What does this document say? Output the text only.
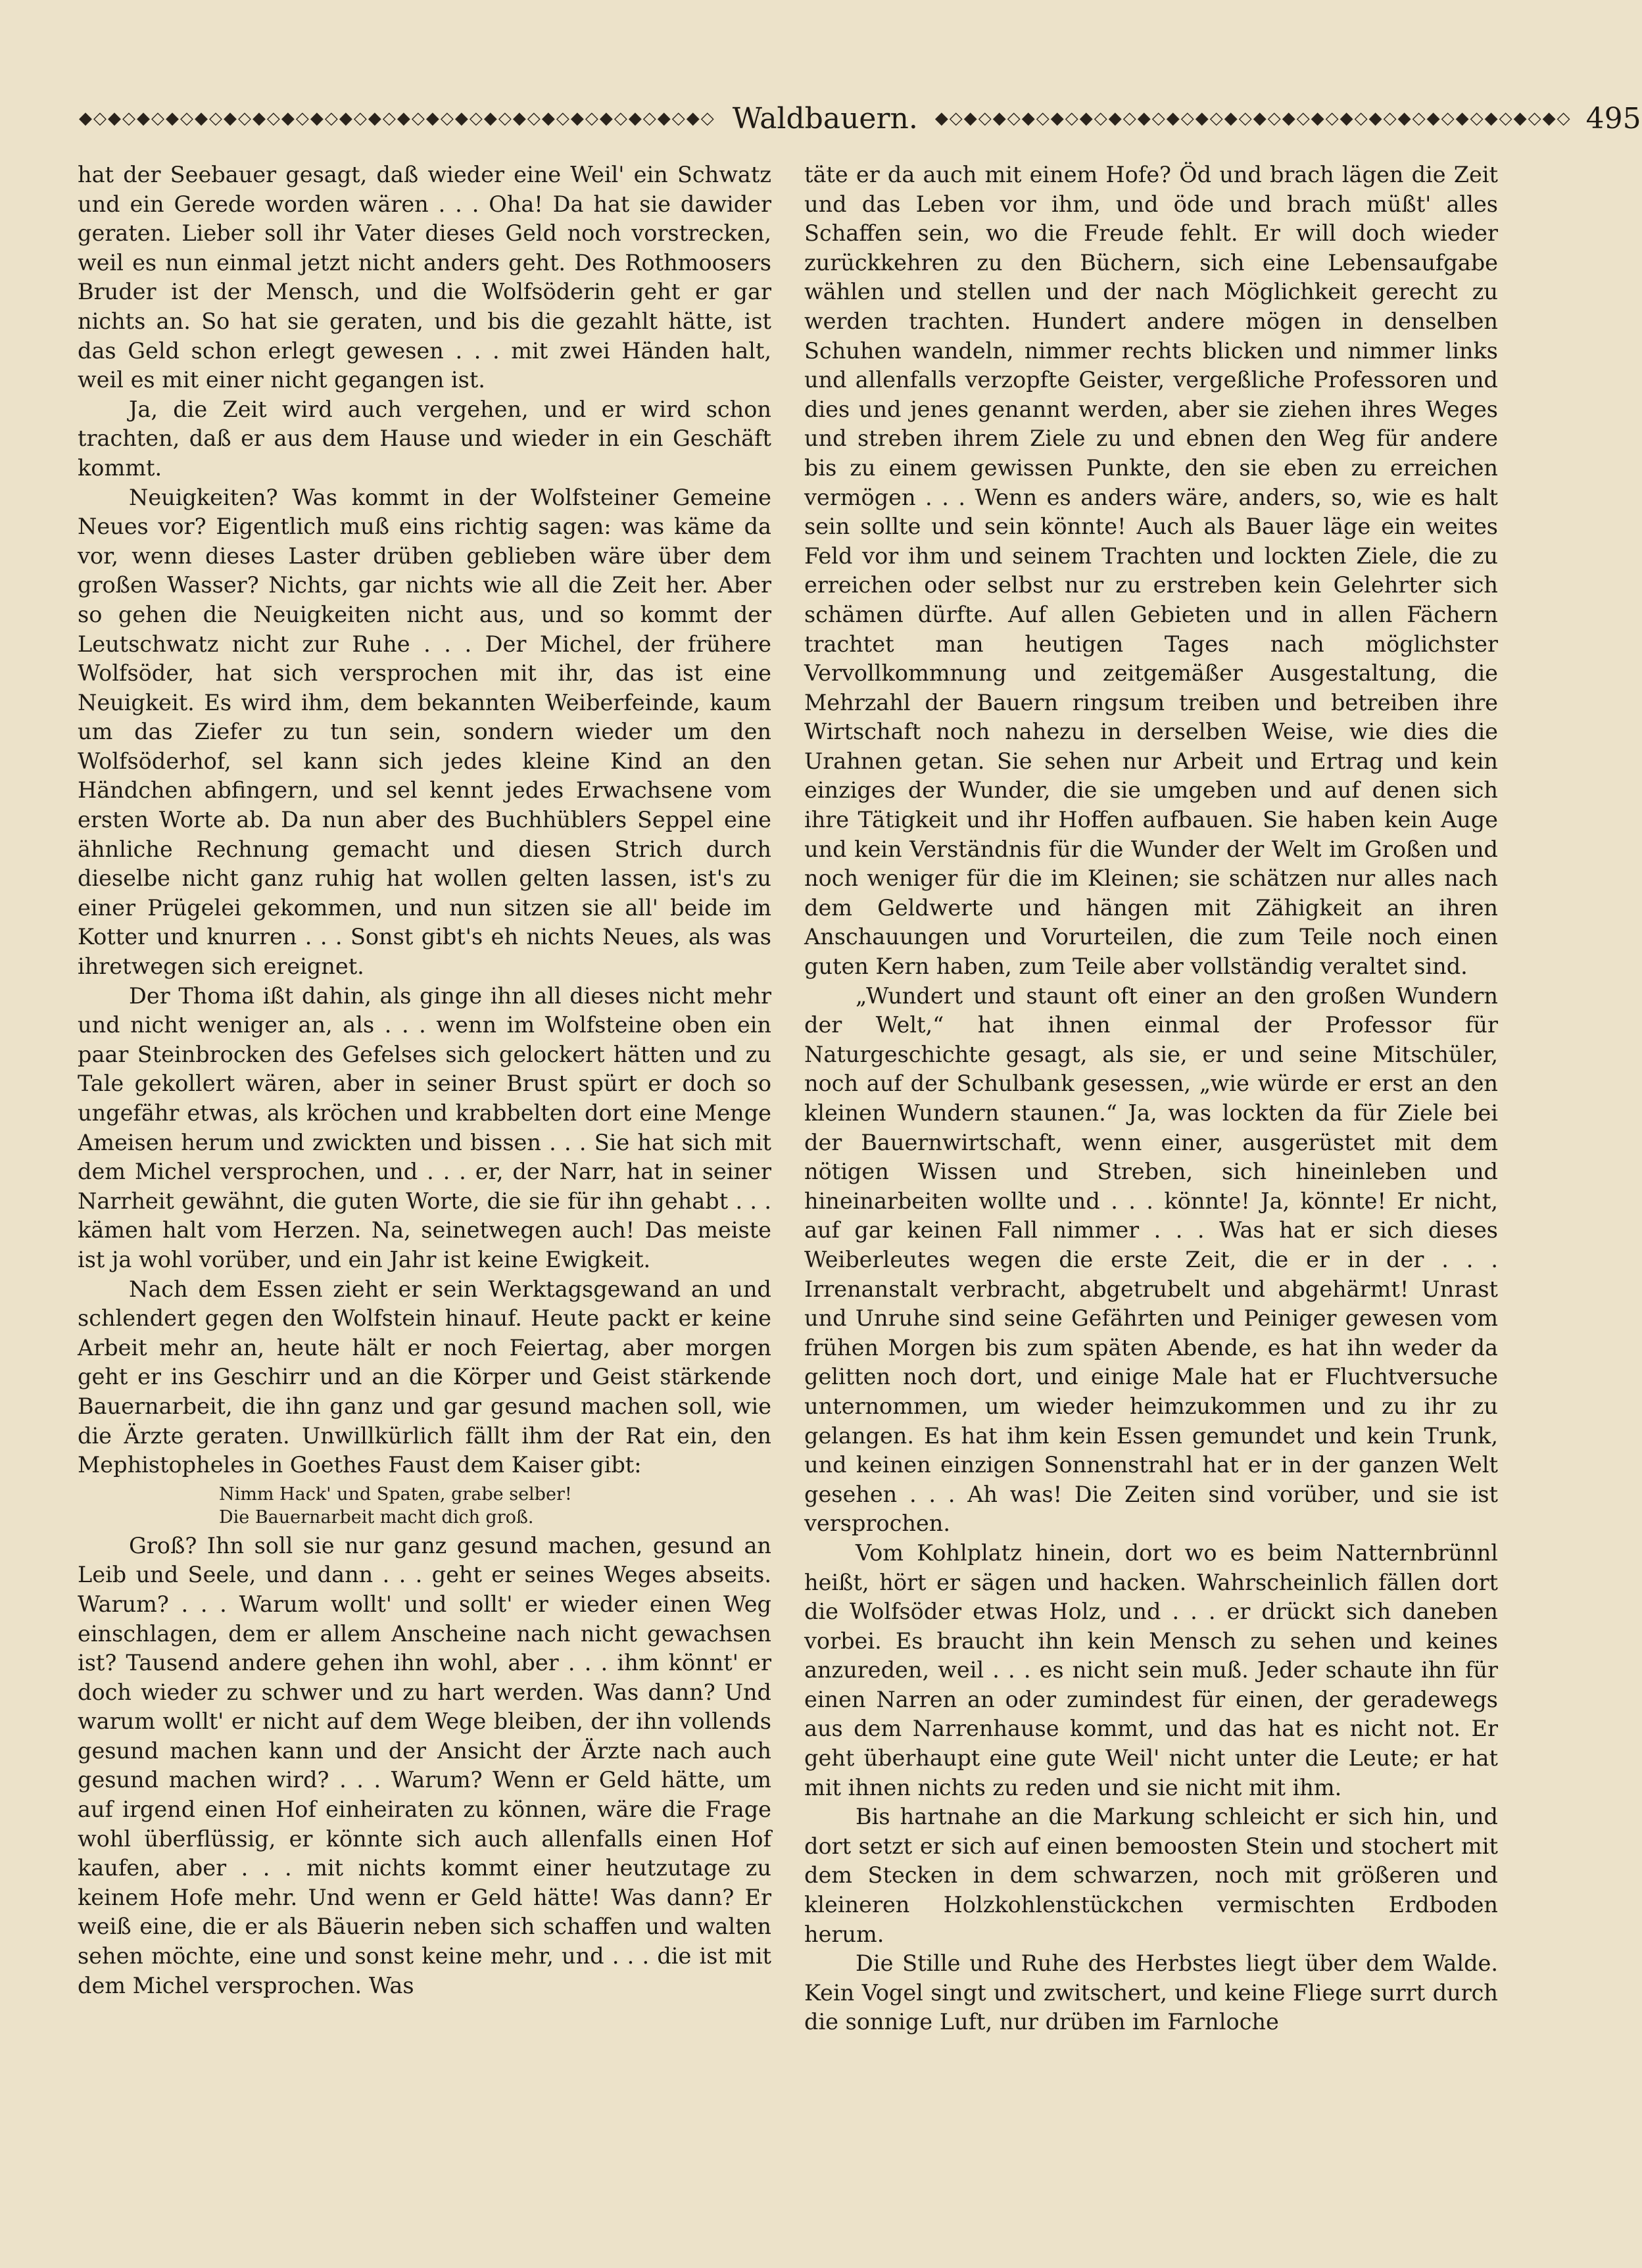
◆◇◆◇◆◇◆◇◆◇◆◇◆◇◆◇◆◇◆◇◆◇◆◇◆◇◆◇◆◇◆◇◆◇◆◇◆◇◆◇◆◇◆◇ Waldbauern.	◆◇◆◇◆◇◆◇◆◇◆◇◆◇◆◇◆◇◆◇◆◇◆◇◆◇◆◇◆◇◆◇◆◇◆◇◆◇◆◇◆◇◆◇ 495

hat der Seebauer gesagt, daß wieder eine Weil' ein Schwatz und ein Gerede worden wären . . . Oha! Da hat sie dawider geraten. Lieber soll ihr Vater dieses Geld noch vorstrecken, weil es nun einmal jetzt nicht anders geht. Des Rothmoosers Bruder ist der Mensch, und die Wolfsöderin geht er gar nichts an. So hat sie geraten, und bis die gezahlt hätte, ist das Geld schon erlegt gewesen . . . mit zwei Händen halt, weil es mit einer nicht gegangen ist.

Ja, die Zeit wird auch vergehen, und er wird schon trachten, daß er aus dem Hause und wieder in ein Geschäft kommt.

Neuigkeiten? Was kommt in der Wolfsteiner Gemeine Neues vor? Eigentlich muß eins richtig sagen: was käme da vor, wenn dieses Laster drüben geblieben wäre über dem großen Wasser? Nichts, gar nichts wie all die Zeit her. Aber so gehen die Neuigkeiten nicht aus, und so kommt der Leutschwatz nicht zur Ruhe . . . Der Michel, der frühere Wolfsöder, hat sich versprochen mit ihr, das ist eine Neuigkeit. Es wird ihm, dem bekannten Weiberfeinde, kaum um das Ziefer zu tun sein, sondern wieder um den Wolfsöderhof, sel kann sich jedes kleine Kind an den Händchen abfingern, und sel kennt jedes Erwachsene vom ersten Worte ab. Da nun aber des Buchhüblers Seppel eine ähnliche Rechnung gemacht und diesen Strich durch dieselbe nicht ganz ruhig hat wollen gelten lassen, ist's zu einer Prügelei gekommen, und nun sitzen sie all' beide im Kotter und knurren . . . Sonst gibt's eh nichts Neues, als was ihretwegen sich ereignet.

Der Thoma ißt dahin, als ginge ihn all dieses nicht mehr und nicht weniger an, als . . . wenn im Wolfsteine oben ein paar Steinbrocken des Gefelses sich gelockert hätten und zu Tale gekollert wären, aber in seiner Brust spürt er doch so ungefähr etwas, als kröchen und krabbelten dort eine Menge Ameisen herum und zwickten und bissen . . . Sie hat sich mit dem Michel versprochen, und . . . er, der Narr, hat in seiner Narrheit gewähnt, die guten Worte, die sie für ihn gehabt . . . kämen halt vom Herzen. Na, seinetwegen auch! Das meiste ist ja wohl vorüber, und ein Jahr ist keine Ewigkeit.

Nach dem Essen zieht er sein Werktagsgewand an und schlendert gegen den Wolfstein hinauf. Heute packt er keine Arbeit mehr an, heute hält er noch Feiertag, aber morgen geht er ins Geschirr und an die Körper und Geist stärkende Bauernarbeit, die ihn ganz und gar gesund machen soll, wie die Ärzte geraten. Unwillkürlich fällt ihm der Rat ein, den Mephistopheles in Goethes Faust dem Kaiser gibt:

Nimm Hack' und Spaten, grabe selber!
Die Bauernarbeit macht dich groß.

Groß? Ihn soll sie nur ganz gesund machen, gesund an Leib und Seele, und dann . . . geht er seines Weges abseits. Warum? . . . Warum wollt' und sollt' er wieder einen Weg einschlagen, dem er allem Anscheine nach nicht gewachsen ist? Tausend andere gehen ihn wohl, aber . . . ihm könnt' er doch wieder zu schwer und zu hart werden. Was dann? Und warum wollt' er nicht auf dem Wege bleiben, der ihn vollends gesund machen kann und der Ansicht der Ärzte nach auch gesund machen wird? . . . Warum? Wenn er Geld hätte, um auf irgend einen Hof einheiraten zu können, wäre die Frage wohl überflüssig, er könnte sich auch allenfalls einen Hof kaufen, aber . . . mit nichts kommt einer heutzutage zu keinem Hofe mehr. Und wenn er Geld hätte! Was dann? Er weiß eine, die er als Bäuerin neben sich schaffen und walten sehen möchte, eine und sonst keine mehr, und . . . die ist mit dem Michel versprochen. Was

täte er da auch mit einem Hofe? Öd und brach lägen die Zeit und das Leben vor ihm, und öde und brach müßt' alles Schaffen sein, wo die Freude fehlt. Er will doch wieder zurückkehren zu den Büchern, sich eine Lebensaufgabe wählen und stellen und der nach Möglichkeit gerecht zu werden trachten. Hundert andere mögen in denselben Schuhen wandeln, nimmer rechts blicken und nimmer links und allenfalls verzopfte Geister, vergeßliche Professoren und dies und jenes genannt werden, aber sie ziehen ihres Weges und streben ihrem Ziele zu und ebnen den Weg für andere bis zu einem gewissen Punkte, den sie eben zu erreichen vermögen . . . Wenn es anders wäre, anders, so, wie es halt sein sollte und sein könnte! Auch als Bauer läge ein weites Feld vor ihm und seinem Trachten und lockten Ziele, die zu erreichen oder selbst nur zu erstreben kein Gelehrter sich schämen dürfte. Auf allen Gebieten und in allen Fächern trachtet man heutigen Tages nach möglichster Vervollkommnung und zeitgemäßer Ausgestaltung, die Mehrzahl der Bauern ringsum treiben und betreiben ihre Wirtschaft noch nahezu in derselben Weise, wie dies die Urahnen getan. Sie sehen nur Arbeit und Ertrag und kein einziges der Wunder, die sie umgeben und auf denen sich ihre Tätigkeit und ihr Hoffen aufbauen. Sie haben kein Auge und kein Verständnis für die Wunder der Welt im Großen und noch weniger für die im Kleinen; sie schätzen nur alles nach dem Geldwerte und hängen mit Zähigkeit an ihren Anschauungen und Vorurteilen, die zum Teile noch einen guten Kern haben, zum Teile aber vollständig veraltet sind.

„Wundert und staunt oft einer an den großen Wundern der Welt,“ hat ihnen einmal der Professor für Naturgeschichte gesagt, als sie, er und seine Mitschüler, noch auf der Schulbank gesessen, „wie würde er erst an den kleinen Wundern staunen.“ Ja, was lockten da für Ziele bei der Bauernwirtschaft, wenn einer, ausgerüstet mit dem nötigen Wissen und Streben, sich hineinleben und hineinarbeiten wollte und . . . könnte! Ja, könnte! Er nicht, auf gar keinen Fall nimmer . . . Was hat er sich dieses Weiberleutes wegen die erste Zeit, die er in der . . . Irrenanstalt verbracht, abgetrubelt und abgehärmt! Unrast und Unruhe sind seine Gefährten und Peiniger gewesen vom frühen Morgen bis zum späten Abende, es hat ihn weder da gelitten noch dort, und einige Male hat er Fluchtversuche unternommen, um wieder heimzukommen und zu ihr zu gelangen. Es hat ihm kein Essen gemundet und kein Trunk, und keinen einzigen Sonnenstrahl hat er in der ganzen Welt gesehen . . . Ah was! Die Zeiten sind vorüber, und sie ist versprochen.

Vom Kohlplatz hinein, dort wo es beim Natternbrünnl heißt, hört er sägen und hacken. Wahrscheinlich fällen dort die Wolfsöder etwas Holz, und . . . er drückt sich daneben vorbei. Es braucht ihn kein Mensch zu sehen und keines anzureden, weil . . . es nicht sein muß. Jeder schaute ihn für einen Narren an oder zumindest für einen, der geradewegs aus dem Narrenhause kommt, und das hat es nicht not. Er geht überhaupt eine gute Weil' nicht unter die Leute; er hat mit ihnen nichts zu reden und sie nicht mit ihm.

Bis hartnahe an die Markung schleicht er sich hin, und dort setzt er sich auf einen bemoosten Stein und stochert mit dem Stecken in dem schwarzen, noch mit größeren und kleineren Holzkohlenstückchen vermischten Erdboden herum.

Die Stille und Ruhe des Herbstes liegt über dem Walde. Kein Vogel singt und zwitschert, und keine Fliege surrt durch die sonnige Luft, nur drüben im Farnloche
